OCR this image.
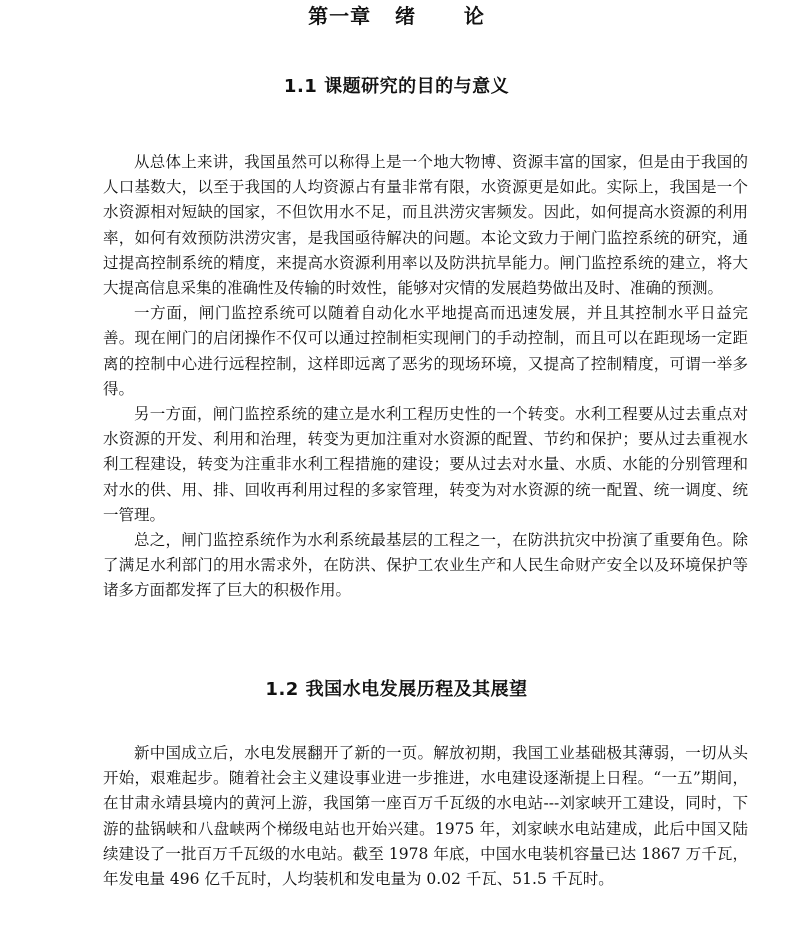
第一章   绪      论
1.1 课题研究的目的与意义

从总体上来讲，我国虽然可以称得上是一个地大物博、资源丰富的国家，但是由于我国的人口基数大，以至于我国的人均资源占有量非常有限，水资源更是如此。实际上，我国是一个水资源相对短缺的国家，不但饮用水不足，而且洪涝灾害频发。因此，如何提高水资源的利用率，如何有效预防洪涝灾害，是我国亟待解决的问题。本论文致力于闸门监控系统的研究，通过提高控制系统的精度，来提高水资源利用率以及防洪抗旱能力。闸门监控系统的建立，将大大提高信息采集的准确性及传输的时效性，能够对灾情的发展趋势做出及时、准确的预测。

一方面，闸门监控系统可以随着自动化水平地提高而迅速发展，并且其控制水平日益完善。现在闸门的启闭操作不仅可以通过控制柜实现闸门的手动控制，而且可以在距现场一定距离的控制中心进行远程控制，这样即远离了恶劣的现场环境，又提高了控制精度，可谓一举多得。

另一方面，闸门监控系统的建立是水利工程历史性的一个转变。水利工程要从过去重点对水资源的开发、利用和治理，转变为更加注重对水资源的配置、节约和保护；要从过去重视水利工程建设，转变为注重非水利工程措施的建设；要从过去对水量、水质、水能的分别管理和对水的供、用、排、回收再利用过程的多家管理，转变为对水资源的统一配置、统一调度、统一管理。

总之，闸门监控系统作为水利系统最基层的工程之一，在防洪抗灾中扮演了重要角色。除了满足水利部门的用水需求外，在防洪、保护工农业生产和人民生命财产安全以及环境保护等诸多方面都发挥了巨大的积极作用。

1.2 我国水电发展历程及其展望

新中国成立后，水电发展翻开了新的一页。解放初期，我国工业基础极其薄弱，一切从头开始，艰难起步。随着社会主义建设事业进一步推进，水电建设逐渐提上日程。“一五”期间，在甘肃永靖县境内的黄河上游，我国第一座百万千瓦级的水电站---刘家峡开工建设，同时，下游的盐锅峡和八盘峡两个梯级电站也开始兴建。1975 年，刘家峡水电站建成，此后中国又陆续建设了一批百万千瓦级的水电站。截至 1978 年底，中国水电装机容量已达 1867 万千瓦，年发电量 496 亿千瓦时，人均装机和发电量为 0.02 千瓦、51.5 千瓦时。
